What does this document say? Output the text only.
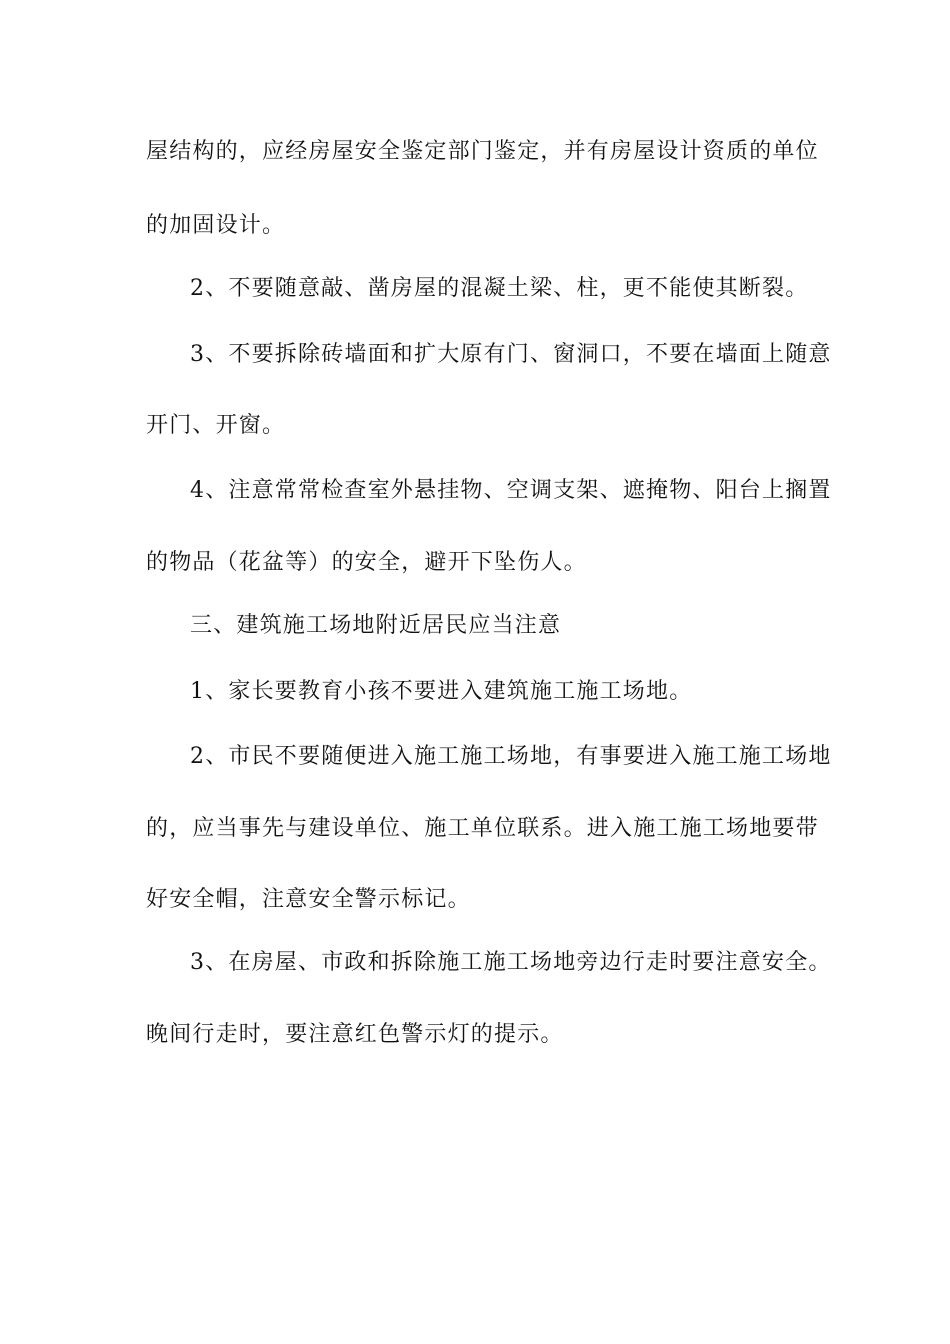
屋结构的，应经房屋安全鉴定部门鉴定，并有房屋设计资质的单位
的加固设计。
2、不要随意敲、凿房屋的混凝土梁、柱，更不能使其断裂。
3、不要拆除砖墙面和扩大原有门、窗洞口，不要在墙面上随意
开门、开窗。
4、注意常常检查室外悬挂物、空调支架、遮掩物、阳台上搁置
的物品（花盆等）的安全，避开下坠伤人。
三、建筑施工场地附近居民应当注意
1、家长要教育小孩不要进入建筑施工施工场地。
2、市民不要随便进入施工施工场地，有事要进入施工施工场地
的，应当事先与建设单位、施工单位联系。进入施工施工场地要带
好安全帽，注意安全警示标记。
3、在房屋、市政和拆除施工施工场地旁边行走时要注意安全。
晚间行走时，要注意红色警示灯的提示。
